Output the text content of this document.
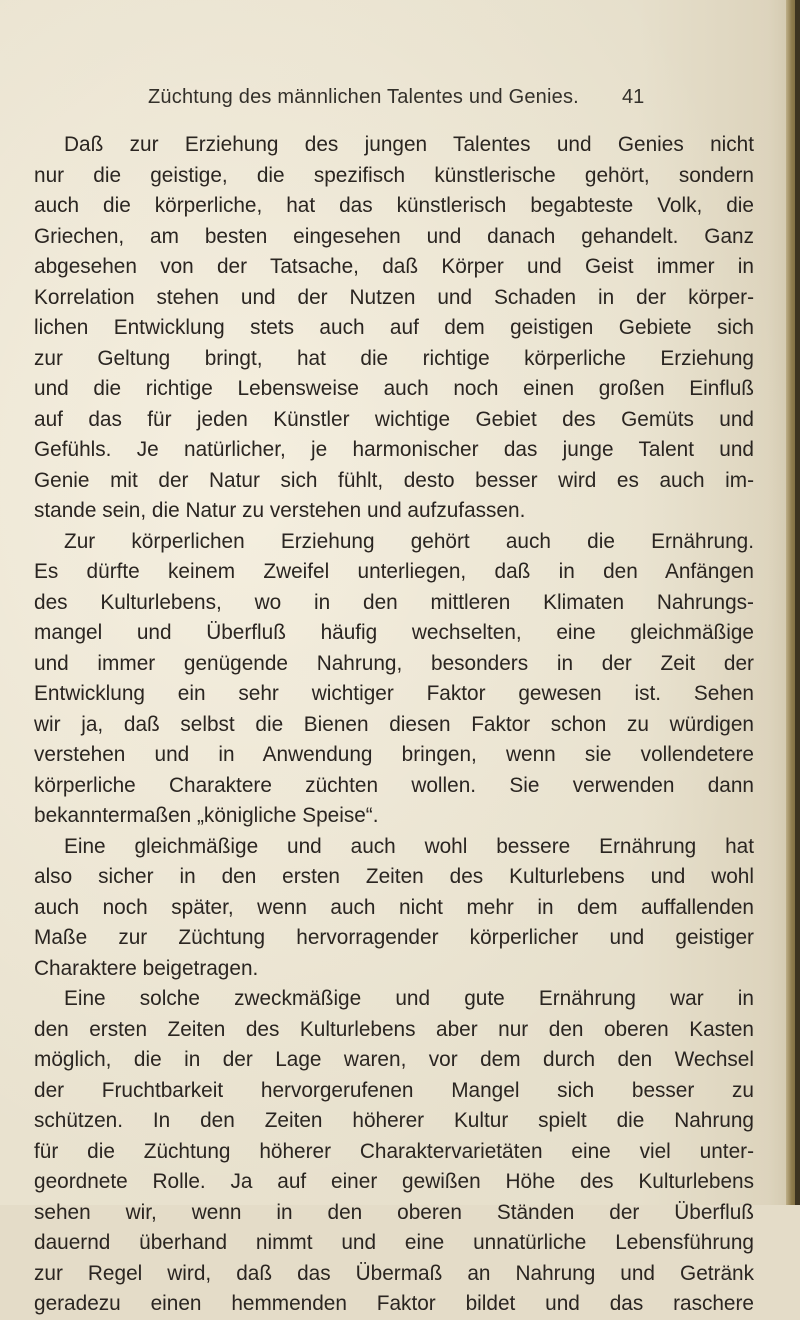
Züchtung des männlichen Talentes und Genies. 41
Daß zur Erziehung des jungen Talentes und Genies nicht
nur die geistige, die spezifisch künstlerische gehört, sondern
auch die körperliche, hat das künstlerisch begabteste Volk, die
Griechen, am besten eingesehen und danach gehandelt. Ganz
abgesehen von der Tatsache, daß Körper und Geist immer in
Korrelation stehen und der Nutzen und Schaden in der körper-
lichen Entwicklung stets auch auf dem geistigen Gebiete sich
zur Geltung bringt, hat die richtige körperliche Erziehung
und die richtige Lebensweise auch noch einen großen Einfluß
auf das für jeden Künstler wichtige Gebiet des Gemüts und
Gefühls. Je natürlicher, je harmonischer das junge Talent und
Genie mit der Natur sich fühlt, desto besser wird es auch im-
stande sein, die Natur zu verstehen und aufzufassen.
Zur körperlichen Erziehung gehört auch die Ernährung.
Es dürfte keinem Zweifel unterliegen, daß in den Anfängen
des Kulturlebens, wo in den mittleren Klimaten Nahrungs-
mangel und Überfluß häufig wechselten, eine gleichmäßige
und immer genügende Nahrung, besonders in der Zeit der
Entwicklung ein sehr wichtiger Faktor gewesen ist. Sehen
wir ja, daß selbst die Bienen diesen Faktor schon zu würdigen
verstehen und in Anwendung bringen, wenn sie vollendetere
körperliche Charaktere züchten wollen. Sie verwenden dann
bekanntermaßen „königliche Speise“.
Eine gleichmäßige und auch wohl bessere Ernährung hat
also sicher in den ersten Zeiten des Kulturlebens und wohl
auch noch später, wenn auch nicht mehr in dem auffallenden
Maße zur Züchtung hervorragender körperlicher und geistiger
Charaktere beigetragen.
Eine solche zweckmäßige und gute Ernährung war in
den ersten Zeiten des Kulturlebens aber nur den oberen Kasten
möglich, die in der Lage waren, vor dem durch den Wechsel
der Fruchtbarkeit hervorgerufenen Mangel sich besser zu
schützen. In den Zeiten höherer Kultur spielt die Nahrung
für die Züchtung höherer Charaktervarietäten eine viel unter-
geordnete Rolle. Ja auf einer gewißen Höhe des Kulturlebens
sehen wir, wenn in den oberen Ständen der Überfluß
dauernd überhand nimmt und eine unnatürliche Lebensführung
zur Regel wird, daß das Übermaß an Nahrung und Getränk
geradezu einen hemmenden Faktor bildet und das raschere
